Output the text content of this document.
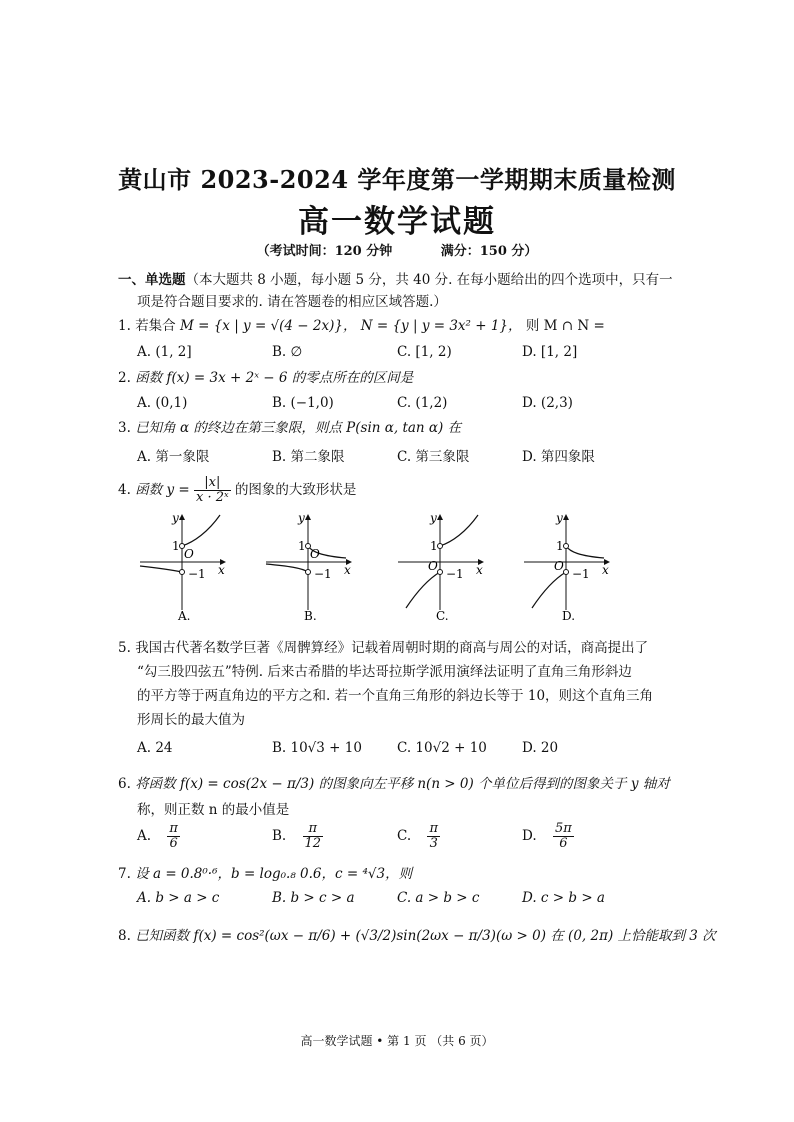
黄山市 2023-2024 学年度第一学期期末质量检测
高一数学试题
（考试时间：120 分钟	满分：150 分）
一、单选题（本大题共 8 小题，每小题 5 分，共 40 分. 在每小题给出的四个选项中，只有一
项是符合题目要求的. 请在答题卷的相应区域答题.）
1. 若集合 M = {x | y = √(4 − 2x)}， N = {y | y = 3x² + 1}， 则 M ∩ N =
A. (1, 2]	B. ∅	C. [1, 2)	D. [1, 2]
2. 函数 f(x) = 3x + 2ˣ − 6 的零点所在的区间是
A. (0,1)	B. (−1,0)	C. (1,2)	D. (2,3)
3. 已知角 α 的终边在第三象限，则点 P(sin α, tan α) 在
A. 第一象限	B. 第二象限	C. 第三象限	D. 第四象限
4. 函数 $y = \frac{|x|}{\text{x · 2ˣ}}$ 的图象的大致形状是
y
x
1
O
−1
A.
y
x
1
O
−1
B.
y
x
1
O
−1
C.
y
x
1
O
−1
D.
5. 我国古代著名数学巨著《周髀算经》记载着周朝时期的商高与周公的对话，商高提出了
“勾三股四弦五”特例. 后来古希腊的毕达哥拉斯学派用演绎法证明了直角三角形斜边
的平方等于两直角边的平方之和. 若一个直角三角形的斜边长等于 10，则这个直角三角
形周长的最大值为
A. 24	B. 10√3 + 10	C. 10√2 + 10	D. 20
6. 将函数 f(x) = cos(2x − π/3) 的图象向左平移 n(n > 0) 个单位后得到的图象关于 y 轴对
称，则正数 n 的最小值是
A. $\frac{\pi}{6}$	B. $\frac{\pi}{12}$	C. $\frac{\pi}{3}$	D. $\frac{5\pi}{6}$
7. 设 a = 0.8⁰·⁶，b = log₀.₈ 0.6，c = ⁴√3，则
A. b > a > c	B. b > c > a	C. a > b > c	D. c > b > a
8. 已知函数 f(x) = cos²(ωx − π/6) + (√3/2)sin(2ωx − π/3)(ω > 0) 在 (0, 2π) 上恰能取到 3 次
高一数学试题 • 第 1 页 （共 6 页）
